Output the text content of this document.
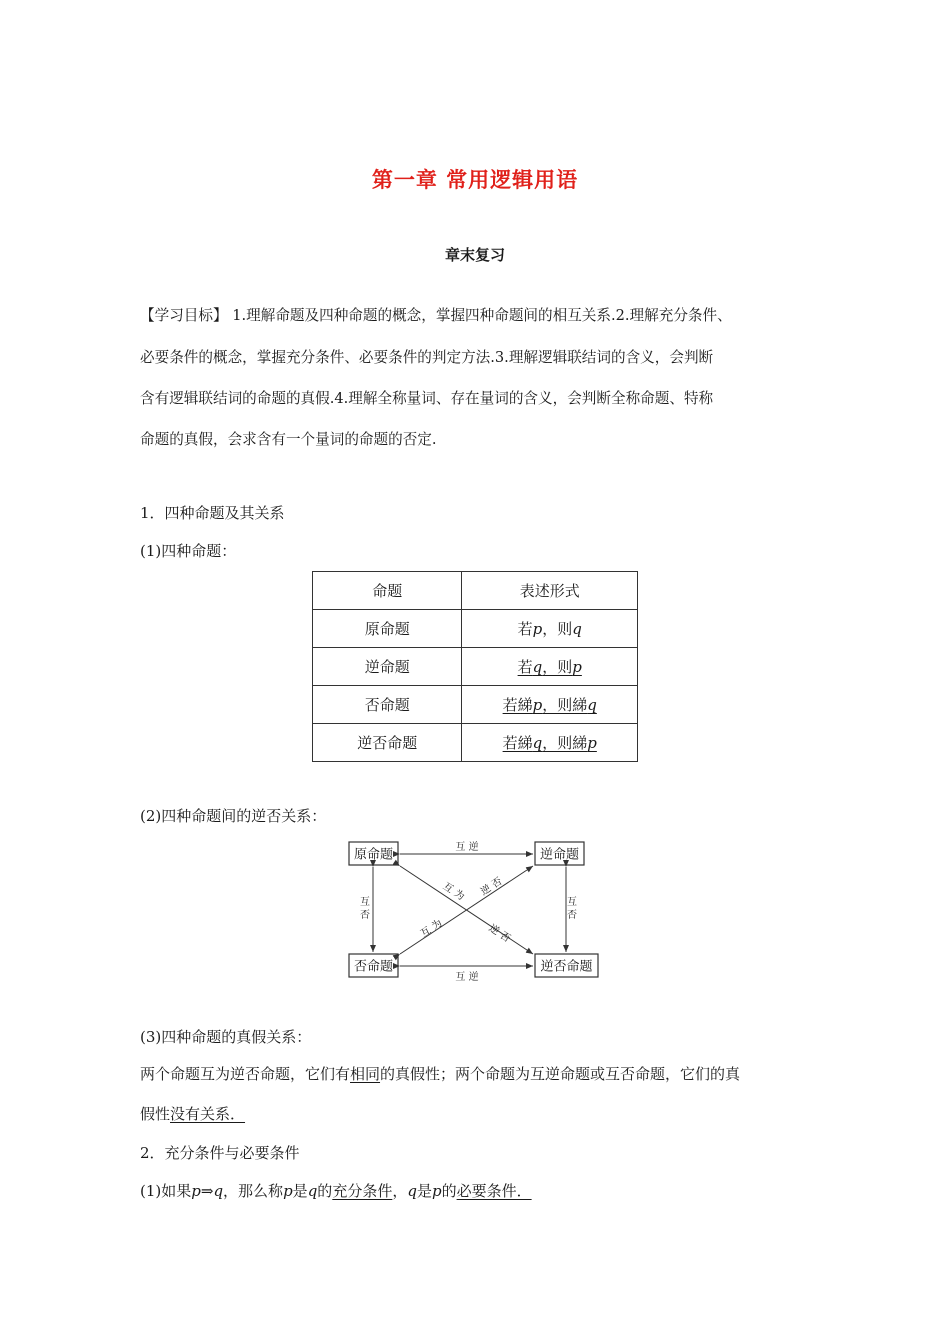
第一章 常用逻辑用语
章末复习
【学习目标】 1.理解命题及四种命题的概念，掌握四种命题间的相互关系.2.理解充分条件、
必要条件的概念，掌握充分条件、必要条件的判定方法.3.理解逻辑联结词的含义，会判断
含有逻辑联结词的命题的真假.4.理解全称量词、存在量词的含义，会判断全称命题、特称
命题的真假，会求含有一个量词的命题的否定.
1．四种命题及其关系
(1)四种命题：
命题	表述形式
原命题	若p，则q
逆命题	若q，则p
否命题	若綈p，则綈q
逆否命题	若綈q，则綈p
(2)四种命题间的逆否关系：
原命题	逆命题
否命题	逆否命题
互 逆
互 逆
互
否
互
否
互 为
逆 否
逆 否
互 为
(3)四种命题的真假关系：
两个命题互为逆否命题，它们有相同的真假性；两个命题为互逆命题或互否命题，它们的真
假性没有关系．
2．充分条件与必要条件
(1)如果p⇒q，那么称p是q的充分条件，q是p的必要条件．
